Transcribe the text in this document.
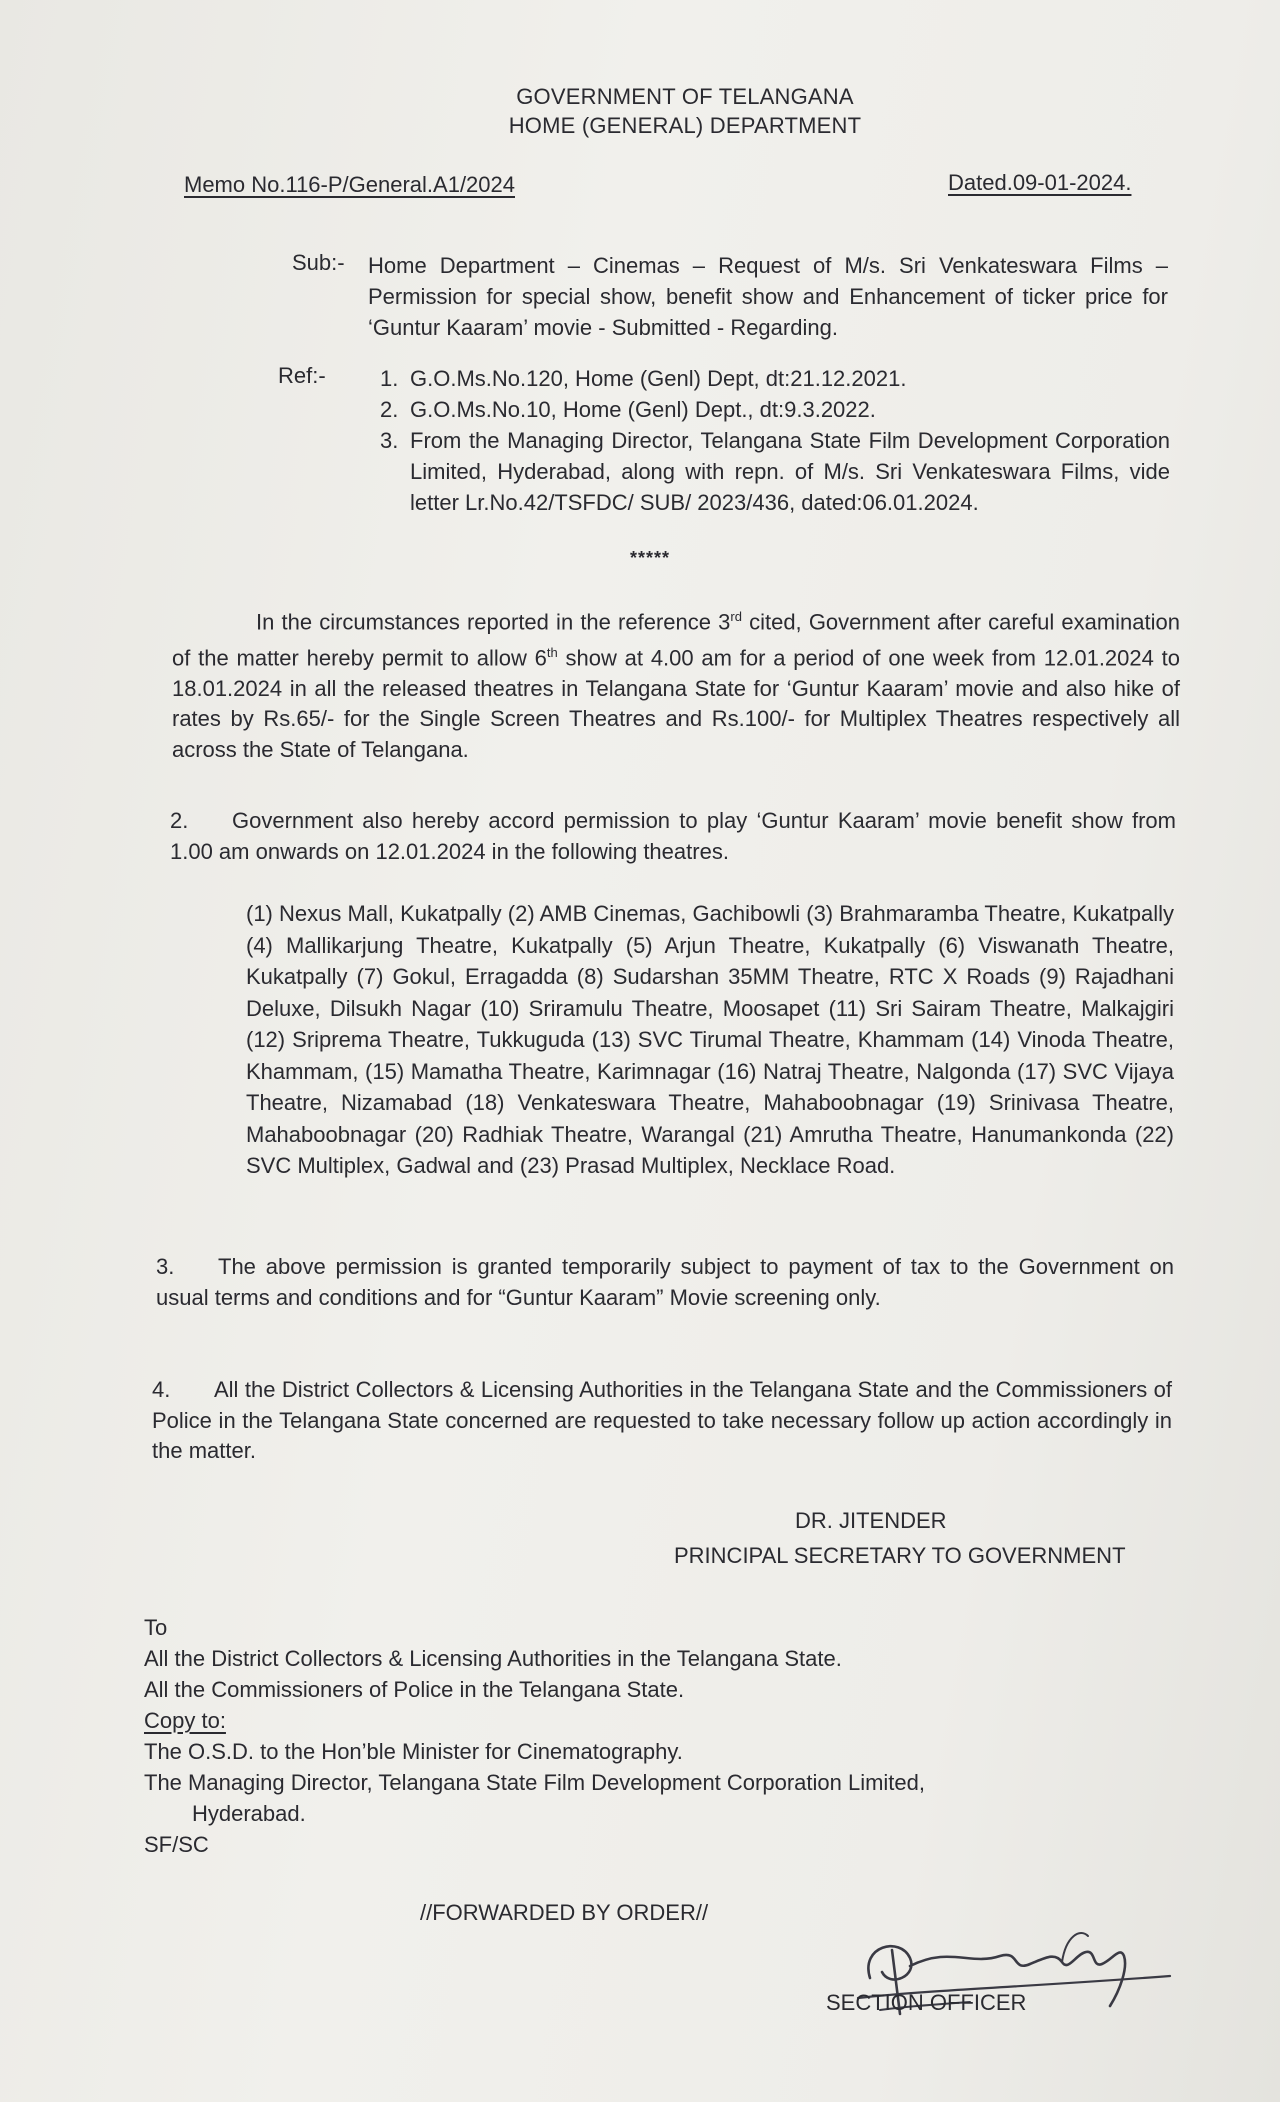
GOVERNMENT OF TELANGANA
HOME (GENERAL) DEPARTMENT
Memo No.116-P/General.A1/2024	Dated.09-01-2024.
Sub:- Home Department – Cinemas – Request of M/s. Sri Venkateswara Films – Permission for special show, benefit show and Enhancement of ticker price for ‘Guntur Kaaram’ movie - Submitted - Regarding.
Ref:- 1. G.O.Ms.No.120, Home (Genl) Dept, dt:21.12.2021.
2. G.O.Ms.No.10, Home (Genl) Dept., dt:9.3.2022.
3. From the Managing Director, Telangana State Film Development Corporation Limited, Hyderabad, along with repn. of M/s. Sri Venkateswara Films, vide letter Lr.No.42/TSFDC/ SUB/ 2023/436, dated:06.01.2024.
*****
In the circumstances reported in the reference 3rd cited, Government after careful examination of the matter hereby permit to allow 6th show at 4.00 am for a period of one week from 12.01.2024 to 18.01.2024 in all the released theatres in Telangana State for ‘Guntur Kaaram’ movie and also hike of rates by Rs.65/- for the Single Screen Theatres and Rs.100/- for Multiplex Theatres respectively all across the State of Telangana.
2. Government also hereby accord permission to play ‘Guntur Kaaram’ movie benefit show from 1.00 am onwards on 12.01.2024 in the following theatres.
(1) Nexus Mall, Kukatpally (2) AMB Cinemas, Gachibowli (3) Brahmaramba Theatre, Kukatpally (4) Mallikarjung Theatre, Kukatpally (5) Arjun Theatre, Kukatpally (6) Viswanath Theatre, Kukatpally (7) Gokul, Erragadda (8) Sudarshan 35MM Theatre, RTC X Roads (9) Rajadhani Deluxe, Dilsukh Nagar (10) Sriramulu Theatre, Moosapet (11) Sri Sairam Theatre, Malkajgiri (12) Sriprema Theatre, Tukkuguda (13) SVC Tirumal Theatre, Khammam (14) Vinoda Theatre, Khammam, (15) Mamatha Theatre, Karimnagar (16) Natraj Theatre, Nalgonda (17) SVC Vijaya Theatre, Nizamabad (18) Venkateswara Theatre, Mahaboobnagar (19) Srinivasa Theatre, Mahaboobnagar (20) Radhiak Theatre, Warangal (21) Amrutha Theatre, Hanumankonda (22) SVC Multiplex, Gadwal and (23) Prasad Multiplex, Necklace Road.
3. The above permission is granted temporarily subject to payment of tax to the Government on usual terms and conditions and for “Guntur Kaaram” Movie screening only.
4. All the District Collectors & Licensing Authorities in the Telangana State and the Commissioners of Police in the Telangana State concerned are requested to take necessary follow up action accordingly in the matter.
DR. JITENDER
PRINCIPAL SECRETARY TO GOVERNMENT
To
All the District Collectors & Licensing Authorities in the Telangana State.
All the Commissioners of Police in the Telangana State.
Copy to:
The O.S.D. to the Hon’ble Minister for Cinematography.
The Managing Director, Telangana State Film Development Corporation Limited,
Hyderabad.
SF/SC
//FORWARDED BY ORDER//
SECTION OFFICER
